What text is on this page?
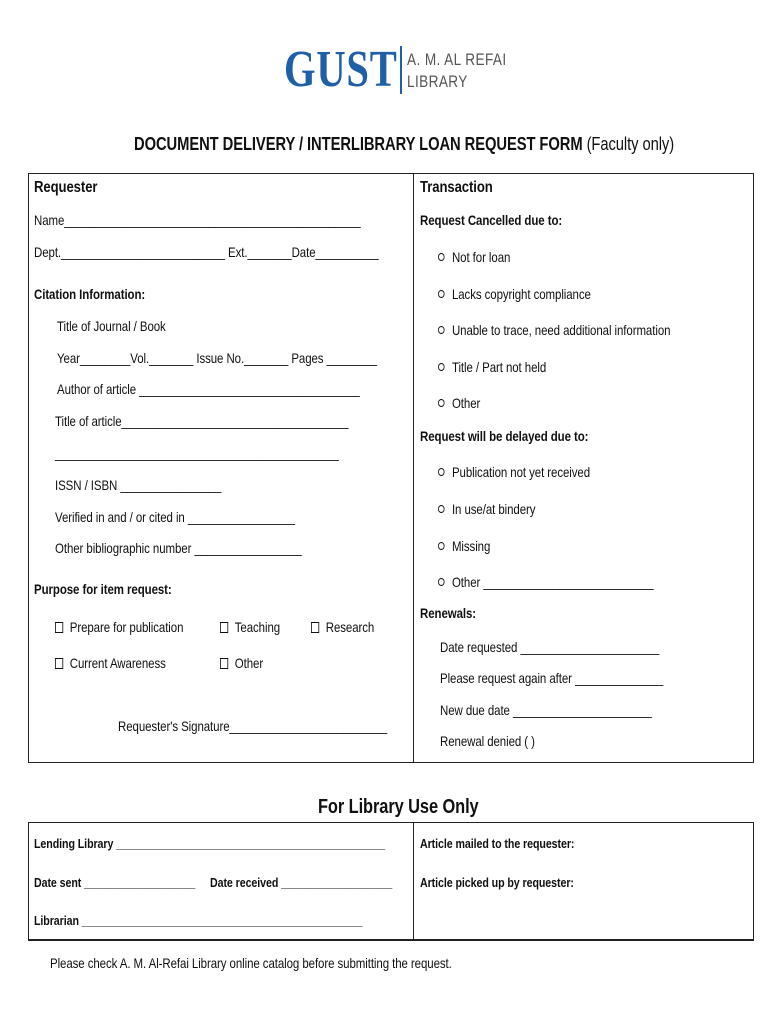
GUST A. M. AL REFAI
LIBRARY
DOCUMENT DELIVERY / INTERLIBRARY LOAN REQUEST FORM (Faculty only)
Requester
Name_______________________________________________
Dept.__________________________ Ext._______Date__________
Citation Information:
Title of Journal / Book
Year________Vol._______ Issue No._______ Pages ________
Author of article ___________________________________
Title of article____________________________________
_____________________________________________
ISSN / ISBN ________________
Verified in and / or cited in _________________
Other bibliographic number _________________
Purpose for item request:
Prepare for publication	Teaching	Research
Current Awareness	Other
Requester's Signature_________________________
Transaction
Request Cancelled due to:
Not for loan
Lacks copyright compliance
Unable to trace, need additional information
Title / Part not held
Other
Request will be delayed due to:
Publication not yet received
In use/at bindery
Missing
Other ___________________________
Renewals:
Date requested ______________________
Please request again after ______________
New due date ______________________
Renewal denied ( )
For Library Use Only
Lending Library ______________________________________________	Article mailed to the requester:
Date sent ___________________ Date received ___________________ Article picked up by requester:
Librarian ________________________________________________
Please check A. M. Al-Refai Library online catalog before submitting the request.
